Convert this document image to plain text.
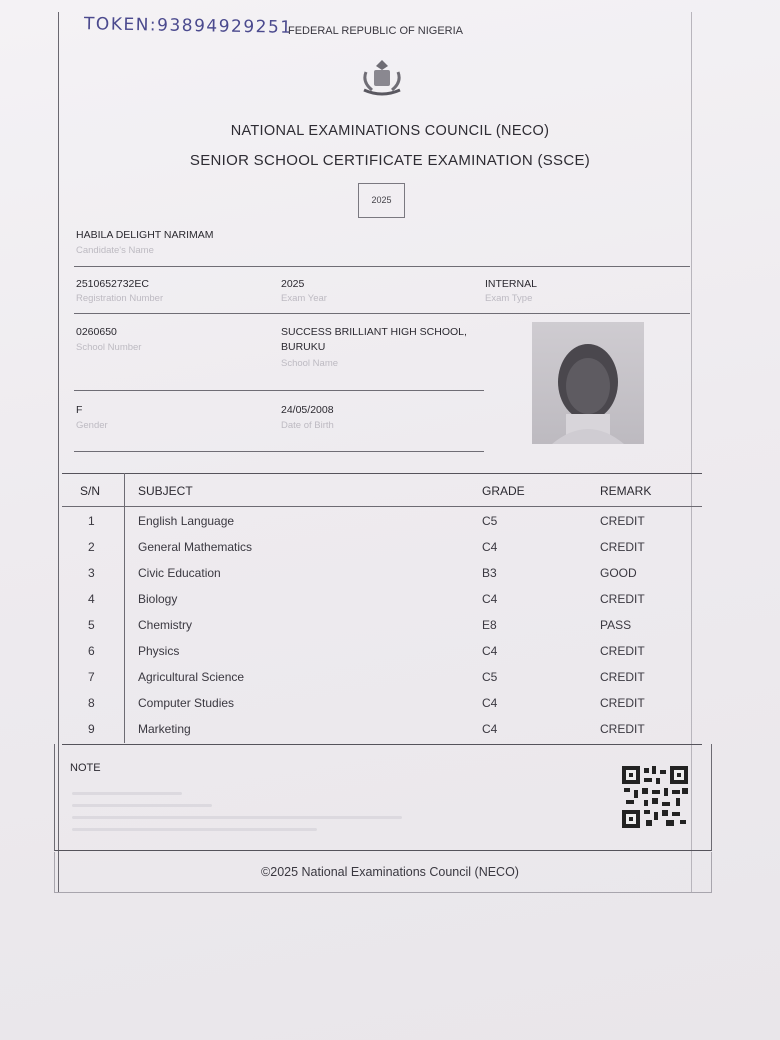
TOKEN:93894929251
FEDERAL REPUBLIC OF NIGERIA
NATIONAL EXAMINATIONS COUNCIL (NECO)
SENIOR SCHOOL CERTIFICATE EXAMINATION (SSCE)
2025
HABILA DELIGHT NARIMAM
Candidate's Name
2510652732EC
Registration Number
2025
Exam Year
INTERNAL
Exam Type
0260650
School Number
SUCCESS BRILLIANT HIGH SCHOOL,
BURUKU
School Name
F
Gender
24/05/2008
Date of Birth
S/N	SUBJECT	GRADE	REMARK
1	English Language	C5	CREDIT
2	General Mathematics	C4	CREDIT
3	Civic Education	B3	GOOD
4	Biology	C4	CREDIT
5	Chemistry	E8	PASS
6	Physics	C4	CREDIT
7	Agricultural Science	C5	CREDIT
8	Computer Studies	C4	CREDIT
9	Marketing	C4	CREDIT
NOTE
©2025 National Examinations Council (NECO)
